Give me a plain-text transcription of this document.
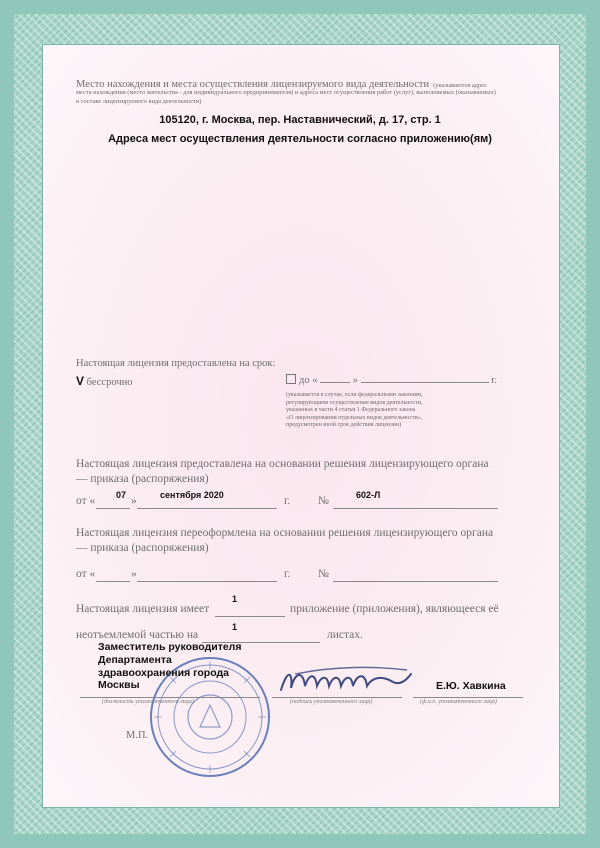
Место нахождения и места осуществления лицензируемого вида деятельности (указываются адрес
места нахождения (место жительства - для индивидуального предпринимателя) и адреса мест осуществления работ (услуг), выполняемых (оказываемых)
в составе лицензируемого вида деятельности)
105120, г. Москва, пер. Наставнический, д. 17, стр. 1
Адреса мест осуществления деятельности согласно приложению(ям)
Настоящая лицензия предоставлена на срок:
V бессрочно	до «	»	г.
(указывается в случае, если федеральными законами,
регулирующими осуществление видов деятельности,
указанных в части 4 статьи 1 Федерального закона
«О лицензировании отдельных видов деятельности»,
предусмотрен иной срок действия лицензии)
Настоящая лицензия предоставлена на основании решения лицензирующего органа
— приказа (распоряжения)
от « 07 »	сентября 2020	г. №	602-Л
Настоящая лицензия переоформлена на основании решения лицензирующего органа
— приказа (распоряжения)
от «	»	г. №
Настоящая лицензия имеет
1
приложение (приложения), являющееся её
неотъемлемой частью на
1
листах.
Заместитель руководителя
Департамента
здравоохранения города
Москвы	Е.Ю. Хавкина
(должность уполномоченного лица)	(подпись уполномоченного лица)	(ф.и.о. уполномоченного лица)
М.П.
